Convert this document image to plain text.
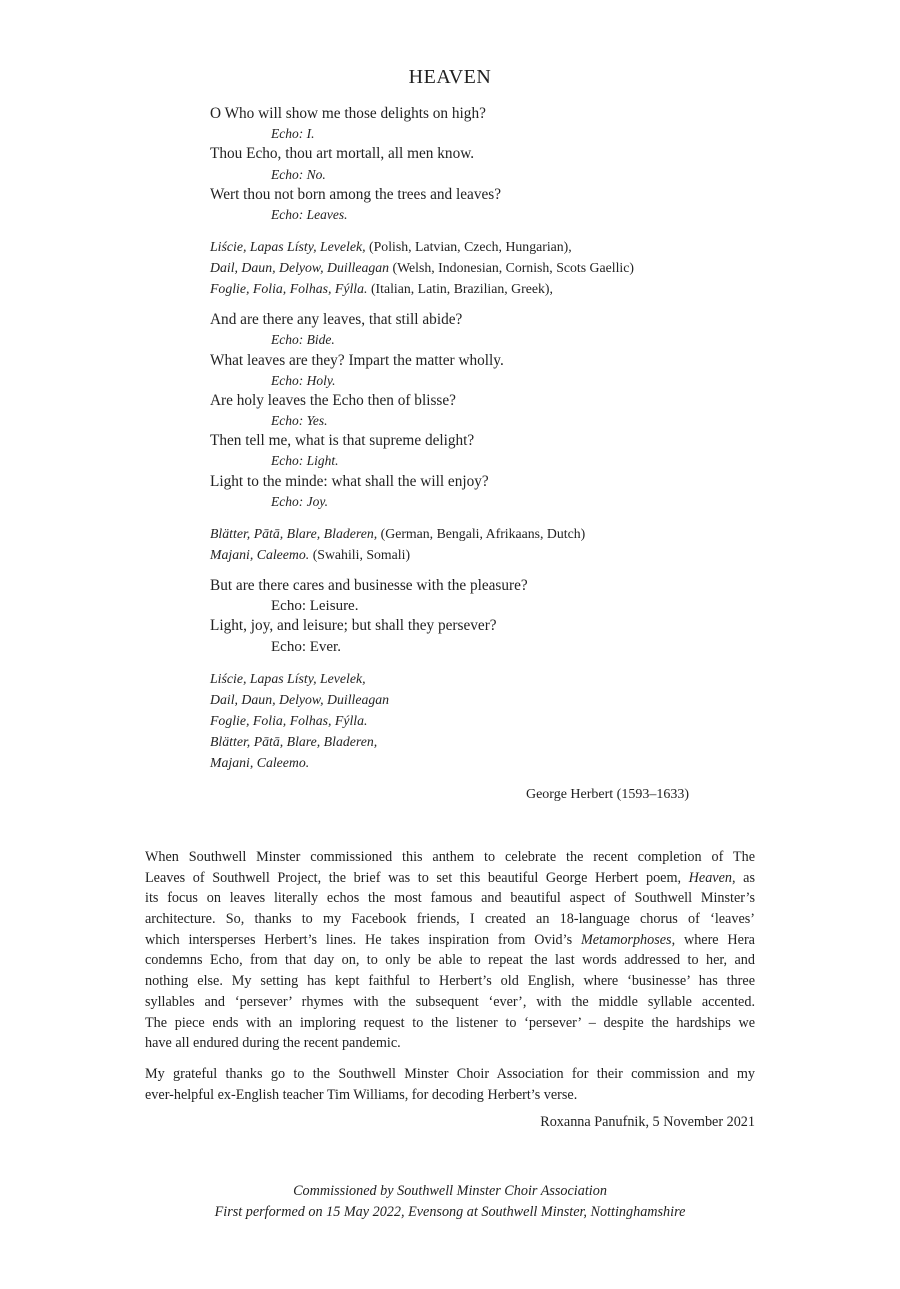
HEAVEN
O Who will show me those delights on high?
Echo: I.
Thou Echo, thou art mortall, all men know.
Echo: No.
Wert thou not born among the trees and leaves?
Echo: Leaves.
Liście, Lapas Lísty, Levelek, (Polish, Latvian, Czech, Hungarian),
Dail, Daun, Delyow, Duilleagan (Welsh, Indonesian, Cornish, Scots Gaellic)
Foglie, Folia, Folhas, Fýlla. (Italian, Latin, Brazilian, Greek),
And are there any leaves, that still abide?
Echo: Bide.
What leaves are they? Impart the matter wholly.
Echo: Holy.
Are holy leaves the Echo then of blisse?
Echo: Yes.
Then tell me, what is that supreme delight?
Echo: Light.
Light to the minde: what shall the will enjoy?
Echo: Joy.
Blätter, Pātā, Blare, Bladeren, (German, Bengali, Afrikaans, Dutch)
Majani, Caleemo. (Swahili, Somali)
But are there cares and businesse with the pleasure?
Echo: Leisure.
Light, joy, and leisure; but shall they persever?
Echo: Ever.
Liście, Lapas Lísty, Levelek,
Dail, Daun, Delyow, Duilleagan
Foglie, Folia, Folhas, Fýlla.
Blätter, Pātā, Blare, Bladeren,
Majani, Caleemo.
George Herbert (1593–1633)
When Southwell Minster commissioned this anthem to celebrate the recent completion of The
Leaves of Southwell Project, the brief was to set this beautiful George Herbert poem, Heaven, as
its focus on leaves literally echos the most famous and beautiful aspect of Southwell Minster’s
architecture. So, thanks to my Facebook friends, I created an 18-language chorus of ‘leaves’
which intersperses Herbert’s lines. He takes inspiration from Ovid’s Metamorphoses, where Hera
condemns Echo, from that day on, to only be able to repeat the last words addressed to her, and
nothing else. My setting has kept faithful to Herbert’s old English, where ‘businesse’ has three
syllables and ‘persever’ rhymes with the subsequent ‘ever’, with the middle syllable accented.
The piece ends with an imploring request to the listener to ‘persever’ – despite the hardships we
have all endured during the recent pandemic.
My grateful thanks go to the Southwell Minster Choir Association for their commission and my
ever-helpful ex-English teacher Tim Williams, for decoding Herbert’s verse.
Roxanna Panufnik, 5 November 2021
Commissioned by Southwell Minster Choir Association
First performed on 15 May 2022, Evensong at Southwell Minster, Nottinghamshire
